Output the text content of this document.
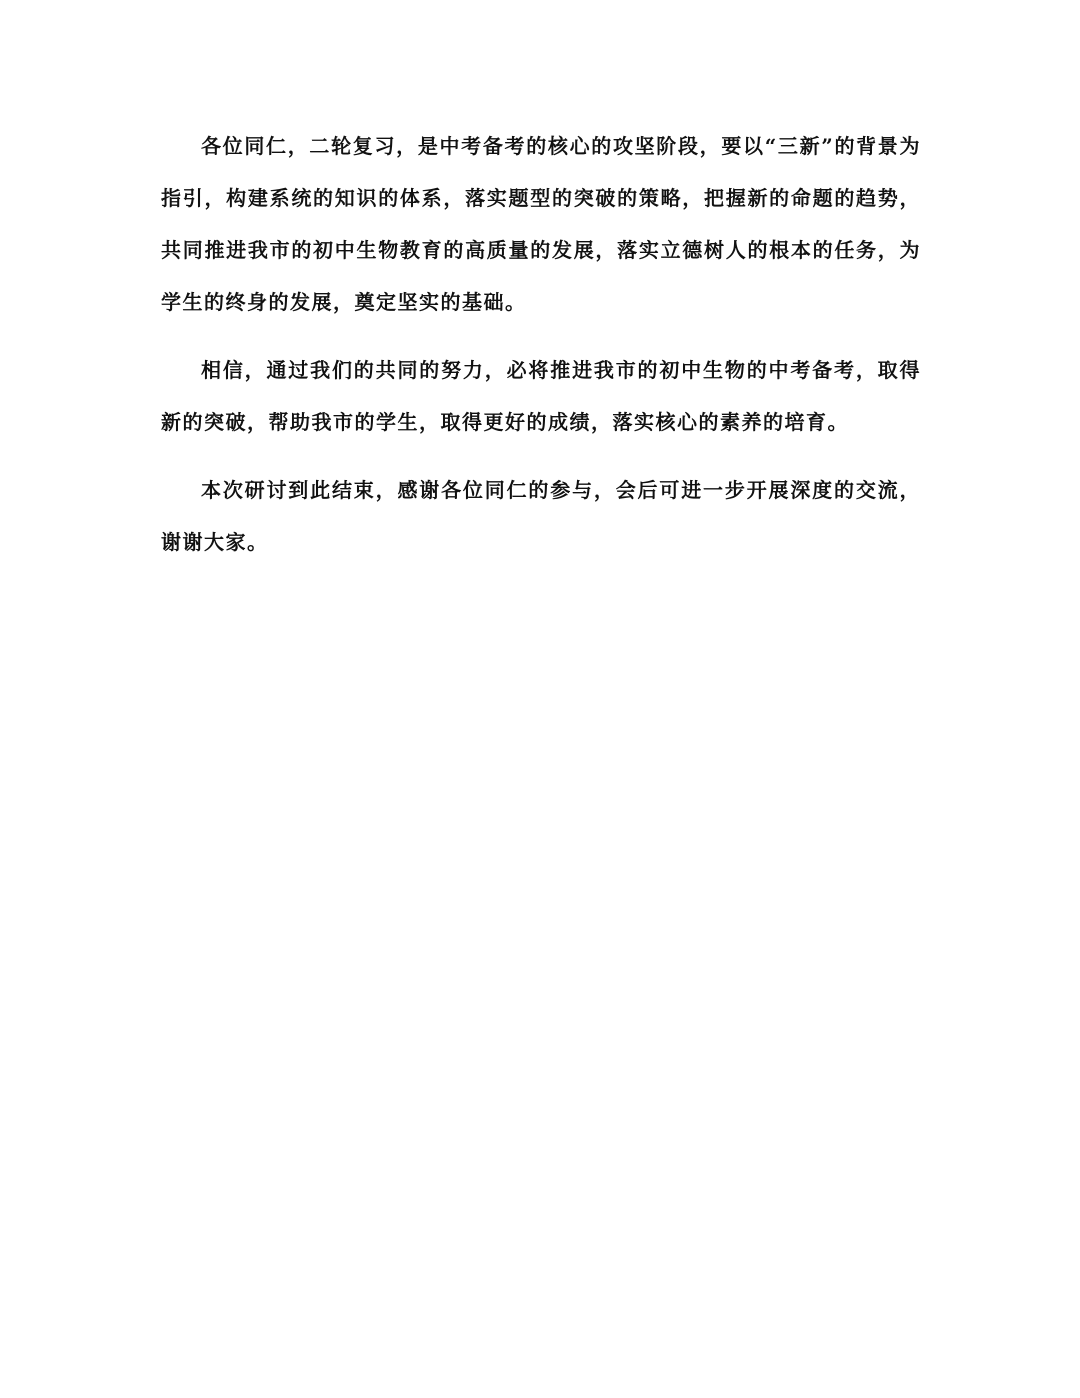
各位同仁，二轮复习，是中考备考的核心的攻坚阶段，要以“三新”的背景为指引，构建系统的知识的体系，落实题型的突破的策略，把握新的命题的趋势，共同推进我市的初中生物教育的高质量的发展，落实立德树人的根本的任务，为学生的终身的发展，奠定坚实的基础。

相信，通过我们的共同的努力，必将推进我市的初中生物的中考备考，取得新的突破，帮助我市的学生，取得更好的成绩，落实核心的素养的培育。

本次研讨到此结束，感谢各位同仁的参与，会后可进一步开展深度的交流，谢谢大家。
